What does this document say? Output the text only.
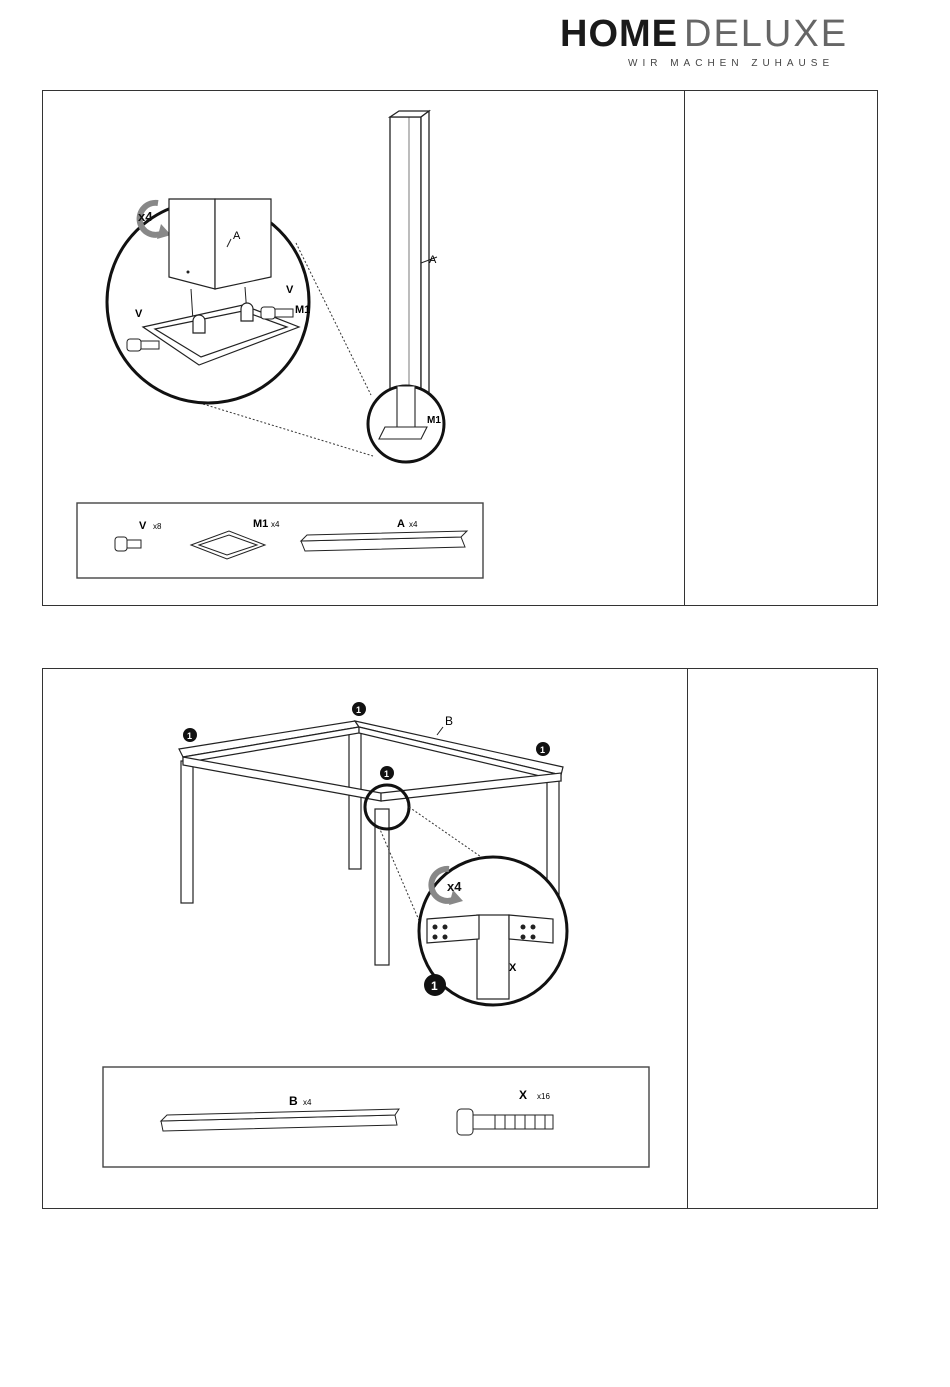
HOME DELUXE
WIR MACHEN ZUHAUSE
A
M1
x4
A
V
V
M1
V x8	M1 x4	A x4
B
1
1
1
1
x4
X
1
B x4
X x16
